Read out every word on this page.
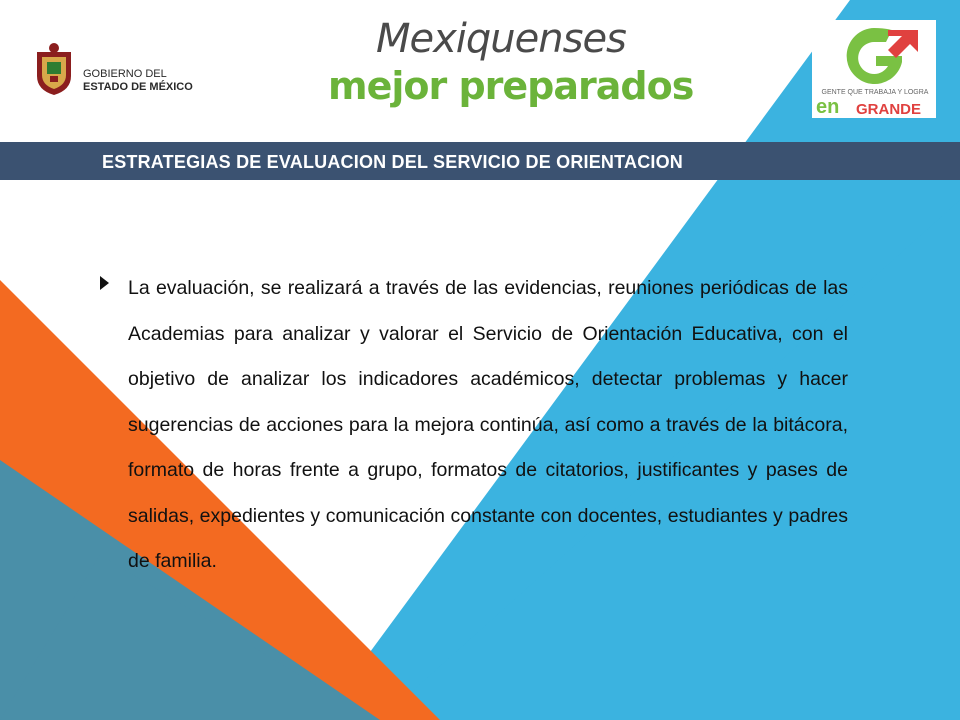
GOBIERNO DEL
ESTADO DE MÉXICO
Mexiquenses
mejor preparados	GENTE QUE TRABAJA Y LOGRA
en GRANDE
ESTRATEGIAS DE EVALUACION DEL SERVICIO DE ORIENTACION
La evaluación, se realizará a través de las evidencias, reuniones periódicas de las Academias para analizar y valorar el Servicio de Orientación Educativa, con el objetivo de analizar los indicadores académicos, detectar problemas y hacer sugerencias de acciones para la mejora continúa, así como a través de la bitácora, formato de horas frente a grupo, formatos de citatorios, justificantes y pases de salidas, expedientes y comunicación constante con docentes, estudiantes y padres de familia.
